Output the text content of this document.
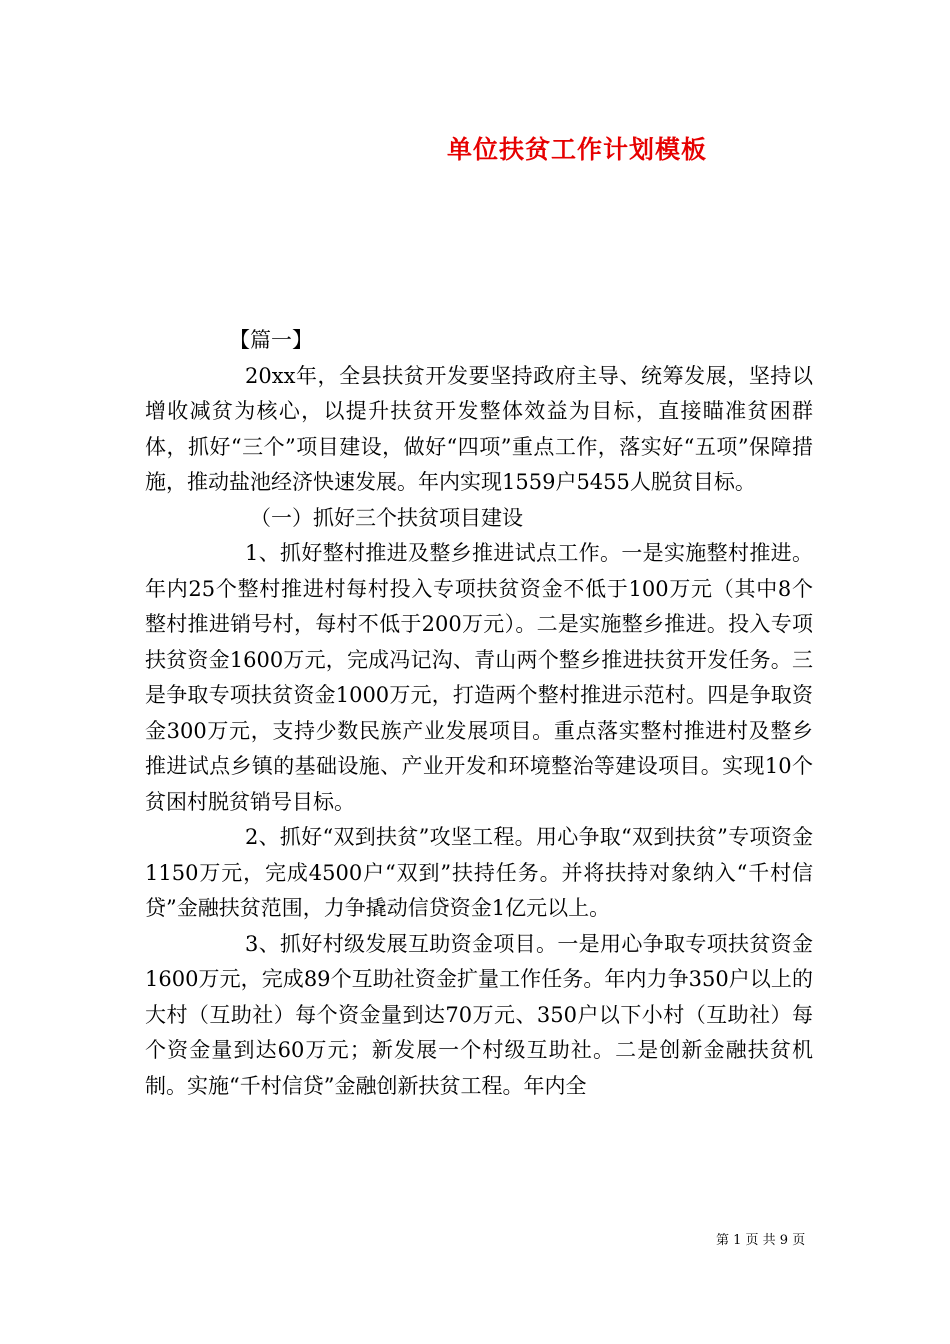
单位扶贫工作计划模板

【篇一】

20xx年，全县扶贫开发要坚持政府主导、统筹发展，坚持以增收减贫为核心，以提升扶贫开发整体效益为目标，直接瞄准贫困群体，抓好“三个”项目建设，做好“四项”重点工作，落实好“五项”保障措施，推动盐池经济快速发展。年内实现1559户5455人脱贫目标。

（一）抓好三个扶贫项目建设

1、抓好整村推进及整乡推进试点工作。一是实施整村推进。年内25个整村推进村每村投入专项扶贫资金不低于100万元（其中8个整村推进销号村，每村不低于200万元）。二是实施整乡推进。投入专项扶贫资金1600万元，完成冯记沟、青山两个整乡推进扶贫开发任务。三是争取专项扶贫资金1000万元，打造两个整村推进示范村。四是争取资金300万元，支持少数民族产业发展项目。重点落实整村推进村及整乡推进试点乡镇的基础设施、产业开发和环境整治等建设项目。实现10个贫困村脱贫销号目标。

2、抓好“双到扶贫”攻坚工程。用心争取“双到扶贫”专项资金1150万元，完成4500户“双到”扶持任务。并将扶持对象纳入“千村信贷”金融扶贫范围，力争撬动信贷资金1亿元以上。

3、抓好村级发展互助资金项目。一是用心争取专项扶贫资金1600万元，完成89个互助社资金扩量工作任务。年内力争350户以上的大村（互助社）每个资金量到达70万元、350户以下小村（互助社）每个资金量到达60万元；新发展一个村级互助社。二是创新金融扶贫机制。实施“千村信贷”金融创新扶贫工程。年内全

第 1 页 共 9 页
